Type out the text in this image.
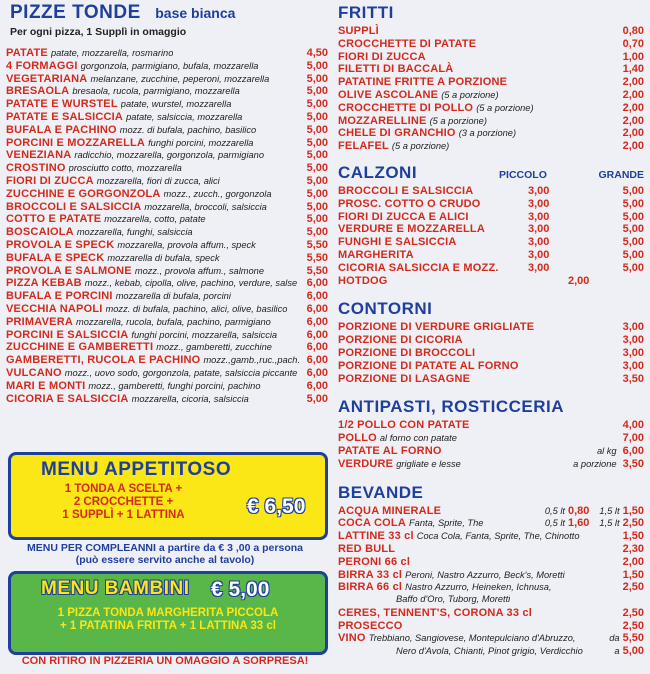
PIZZE TONDE base bianca
Per ogni pizza, 1 Supplì in omaggio
PATATE patate, mozzarella, rosmarino	4,50
4 FORMAGGI gorgonzola, parmigiano, bufala, mozzarella	5,00
VEGETARIANA melanzane, zucchine, peperoni, mozzarella	5,00
BRESAOLA bresaola, rucola, parmigiano, mozzarella	5,00
PATATE E WURSTEL patate, wurstel, mozzarella	5,00
PATATE E SALSICCIA patate, salsiccia, mozzarella	5,00
BUFALA E PACHINO mozz. di bufala, pachino, basilico	5,00
PORCINI E MOZZARELLA funghi porcini, mozzarella	5,00
VENEZIANA radicchio, mozzarella, gorgonzola, parmigiano	5,00
CROSTINO prosciutto cotto, mozzarella	5,00
FIORI DI ZUCCA mozzarella, fiori di zucca, alici	5,00
ZUCCHINE E GORGONZOLA mozz., zucch., gorgonzola	5,00
BROCCOLI E SALSICCIA mozzarella, broccoli, salsiccia	5,00
COTTO E PATATE mozzarella, cotto, patate	5,00
BOSCAIOLA mozzarella, funghi, salsiccia	5,00
PROVOLA E SPECK mozzarella, provola affum., speck	5,50
BUFALA E SPECK mozzarella di bufala, speck	5,50
PROVOLA E SALMONE mozz., provola affum., salmone	5,50
PIZZA KEBAB mozz., kebab, cipolla, olive, pachino, verdure, salse 6,00
BUFALA E PORCINI mozzarella di bufala, porcini	6,00
VECCHIA NAPOLI mozz. di bufala, pachino, alici, olive, basilico	6,00
PRIMAVERA mozzarella, rucola, bufala, pachino, parmigiano	6,00
PORCINI E SALSICCIA funghi porcini, mozzarella, salsiccia	6,00
ZUCCHINE E GAMBERETTI mozz., gamberetti, zucchine	6,00
GAMBERETTI, RUCOLA E PACHINO mozz.,gamb.,ruc.,pach. 6,00
VULCANO mozz., uovo sodo, gorgonzola, patate, salsiccia piccante 6,00
MARI E MONTI mozz., gamberetti, funghi porcini, pachino	6,00
CICORIA E SALSICCIA mozzarella, cicoria, salsiccia	5,00
MENU APPETITOSO
1 TONDA A SCELTA +
2 CROCCHETTE +
1 SUPPLÌ + 1 LATTINA	€ 6,50
MENU PER COMPLEANNI a partire da € 3 ,00 a persona
(può essere servito anche al tavolo)
MENU BAMBINI	€ 5,00
1 PIZZA TONDA MARGHERITA PICCOLA
+ 1 PATATINA FRITTA + 1 LATTINA 33 cl
CON RITIRO IN PIZZERIA UN OMAGGIO A SORPRESA!
FRITTI
SUPPLÌ	0,80
CROCCHETTE DI PATATE	0,70
FIORI DI ZUCCA	1,00
FILETTI DI BACCALÀ	1,40
PATATINE FRITTE A PORZIONE	2,00
OLIVE ASCOLANE (5 a porzione)	2,00
CROCCHETTE DI POLLO (5 a porzione)	2,00
MOZZARELLINE (5 a porzione)	2,00
CHELE DI GRANCHIO (3 a porzione)	2,00
FELAFEL (5 a porzione)	2,00
CALZONI	PICCOLO	GRANDE
BROCCOLI E SALSICCIA	3,00	5,00
PROSC. COTTO O CRUDO	3,00	5,00
FIORI DI ZUCCA E ALICI	3,00	5,00
VERDURE E MOZZARELLA	3,00	5,00
FUNGHI E SALSICCIA	3,00	5,00
MARGHERITA	3,00	5,00
CICORIA SALSICCIA E MOZZ.	3,00	5,00
HOTDOG	2,00
CONTORNI
PORZIONE DI VERDURE GRIGLIATE	3,00
PORZIONE DI CICORIA	3,00
PORZIONE DI BROCCOLI	3,00
PORZIONE DI PATATE AL FORNO	3,00
PORZIONE DI LASAGNE	3,50
ANTIPASTI, ROSTICCERIA
1/2 POLLO CON PATATE	4,00
POLLO al forno con patate	7,00
PATATE AL FORNO	al kg 6,00
VERDURE grigliate e lesse	a porzione 3,50
BEVANDE
ACQUA MINERALE	0,5 lt 0,80 1,5 lt 1,50
COCA COLA Fanta, Sprite, The	0,5 lt 1,60 1,5 lt 2,50
LATTINE 33 cl Coca Cola, Fanta, Sprite, The, Chinotto	1,50
RED BULL	2,30
PERONI 66 cl	2,00
BIRRA 33 cl Peroni, Nastro Azzurro, Beck's, Moretti	1,50
BIRRA 66 cl Nastro Azzurro, Heineken, Ichnusa,	2,50
Baffo d'Oro, Tuborg, Moretti
CERES, TENNENT'S, CORONA 33 cl	2,50
PROSECCO	2,50
VINO Trebbiano, Sangiovese, Montepulciano d'Abruzzo,	da 5,50
Nero d'Avola, Chianti, Pinot grigio, Verdicchio	a 5,00
